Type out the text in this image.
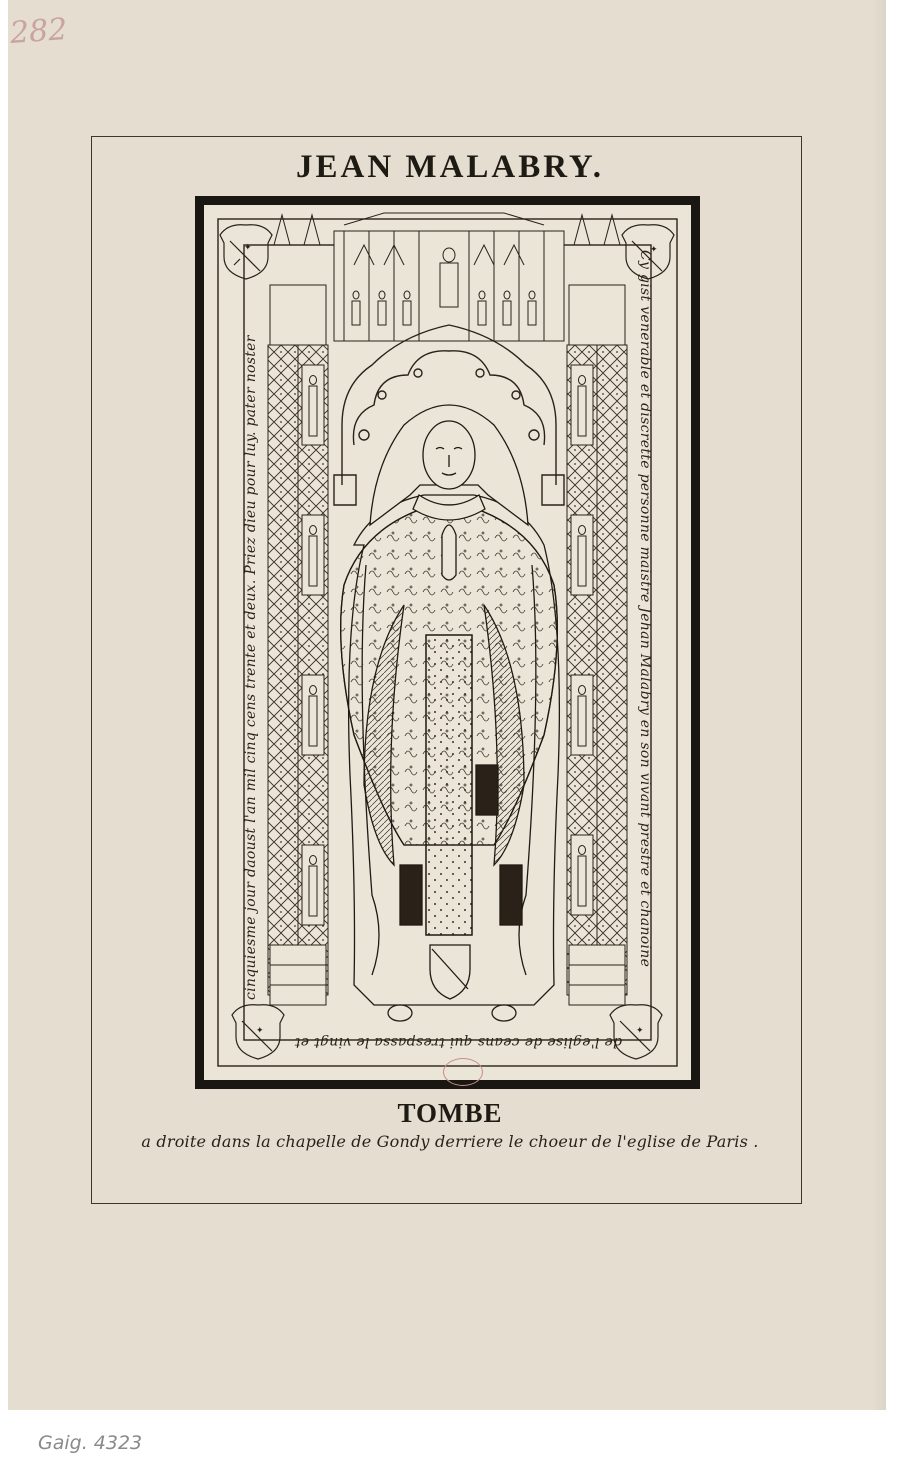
282
JEAN MALABRY.
✦	✦
✦	✦
Cy gist venerable et discrette personne maistre Jehan Malabry en son vivant prestre et chanoine
de l'eglise de ceans qui trespassa le vingt et
cinquiesme jour daoust l'an mil cinq cens trente et deux. Priez dieu pour luy. pater noster
TOMBE

a droite dans la chapelle de Gondy derriere le choeur de l'eglise de Paris .

Gaig. 4323
